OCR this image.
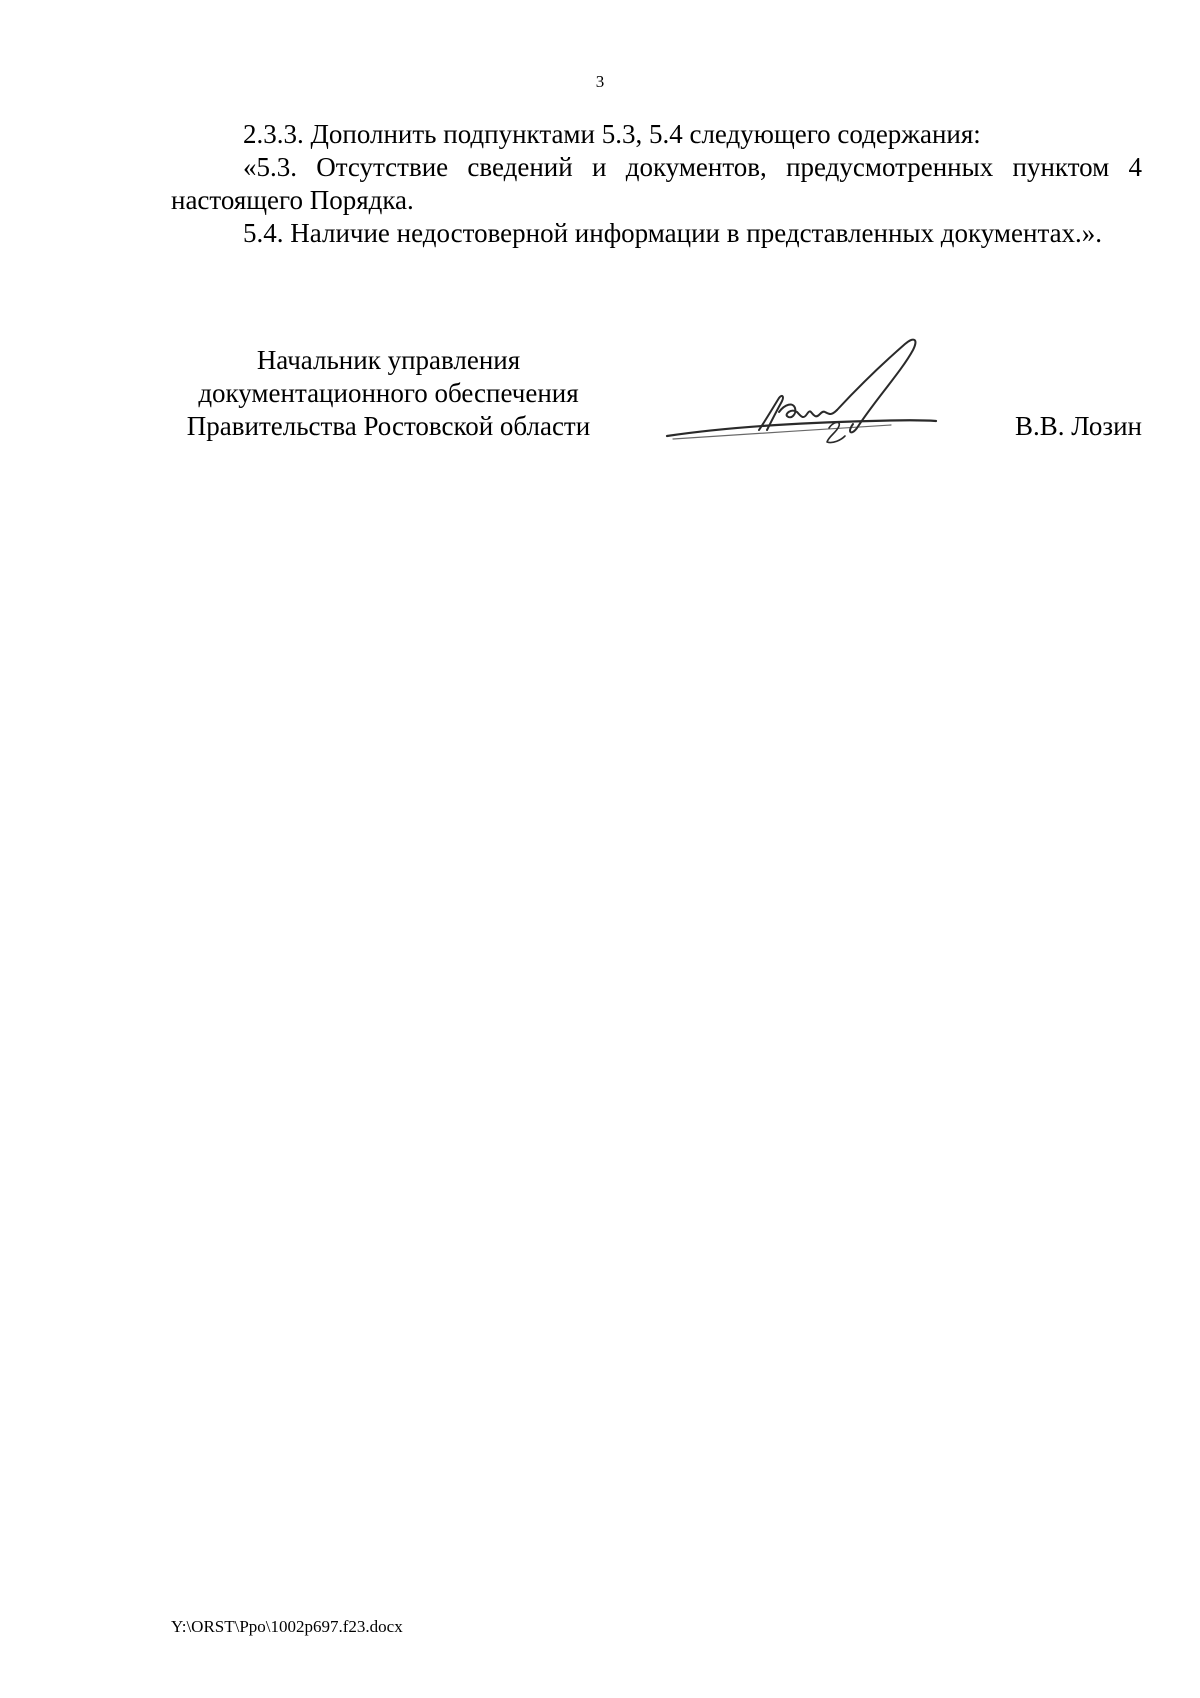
3

2.3.3. Дополнить подпунктами 5.3, 5.4 следующего содержания:

«5.3. Отсутствие сведений и документов, предусмотренных пунктом 4 настоящего Порядка.

5.4. Наличие недостоверной информации в представленных документах.».

Начальник управления
документационного обеспечения
Правительства Ростовской области	В.В. Лозин
Y:\ORST\Ppo\1002p697.f23.docx
